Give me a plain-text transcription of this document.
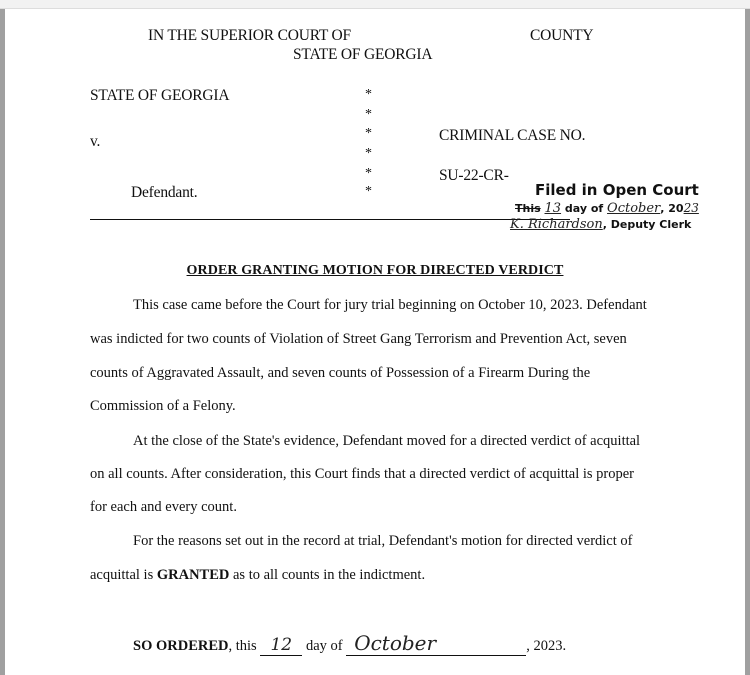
IN THE SUPERIOR COURT OF	COUNTY
STATE OF GEORGIA
STATE OF GEORGIA
v.
Defendant.
*
*
*
*
*
*
CRIMINAL CASE NO.
SU-22-CR-
Filed in Open Court
This 13 day of October, 2023
K. Richardson, Deputy Clerk
ORDER GRANTING MOTION FOR DIRECTED VERDICT
This case came before the Court for jury trial beginning on October 10, 2023. Defendant
was indicted for two counts of Violation of Street Gang Terrorism and Prevention Act, seven
counts of Aggravated Assault, and seven counts of Possession of a Firearm During the
Commission of a Felony.
At the close of the State's evidence, Defendant moved for a directed verdict of acquittal
on all counts. After consideration, this Court finds that a directed verdict of acquittal is proper
for each and every count.
For the reasons set out in the record at trial, Defendant's motion for directed verdict of
acquittal is GRANTED as to all counts in the indictment.
SO ORDERED, this 12 day of October	, 2023.
